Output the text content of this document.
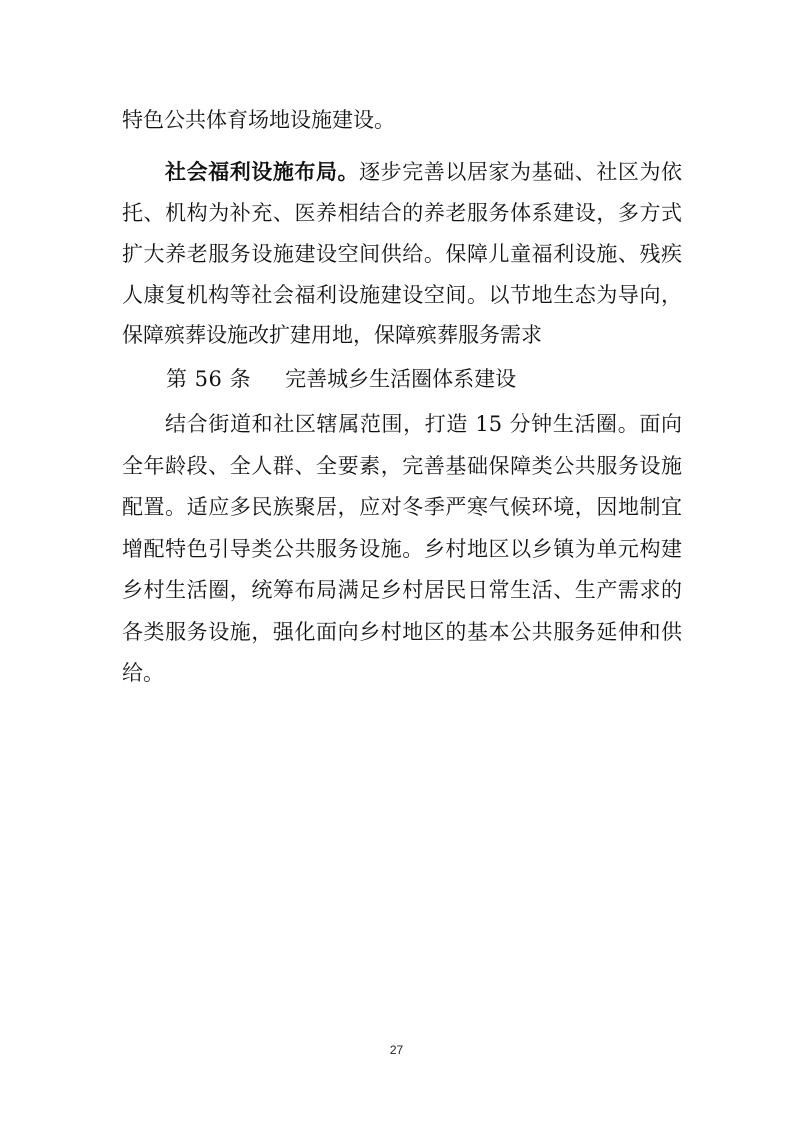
特色公共体育场地设施建设。
社会福利设施布局。逐步完善以居家为基础、社区为依
托、机构为补充、医养相结合的养老服务体系建设，多方式
扩大养老服务设施建设空间供给。保障儿童福利设施、残疾
人康复机构等社会福利设施建设空间。以节地生态为导向，
保障殡葬设施改扩建用地，保障殡葬服务需求
第 56 条 完善城乡生活圈体系建设
结合街道和社区辖属范围，打造 15 分钟生活圈。面向
全年龄段、全人群、全要素，完善基础保障类公共服务设施
配置。适应多民族聚居，应对冬季严寒气候环境，因地制宜
增配特色引导类公共服务设施。乡村地区以乡镇为单元构建
乡村生活圈，统筹布局满足乡村居民日常生活、生产需求的
各类服务设施，强化面向乡村地区的基本公共服务延伸和供
给。
27
